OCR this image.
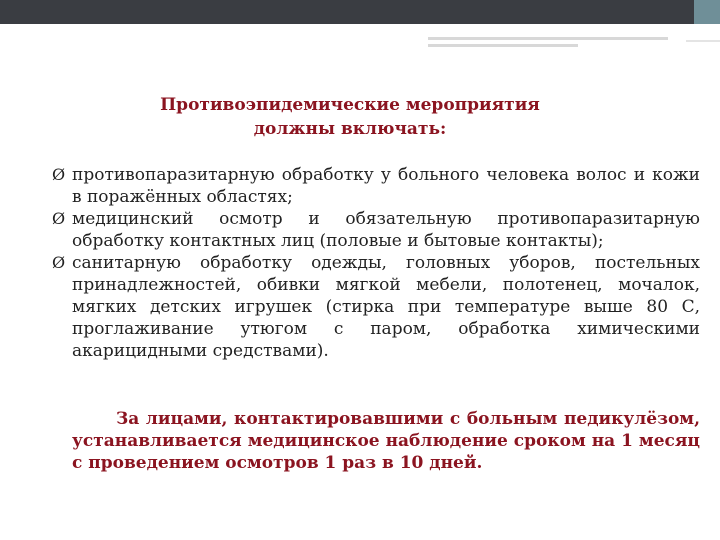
Противоэпидемические мероприятия
должны включать:
Ø противопаразитарную обработку у больного человека волос и кожи в поражённых областях;
Ø медицинский осмотр и обязательную противопаразитарную обработку контактных лиц (половые и бытовые контакты);
Ø санитарную обработку одежды, головных уборов, постельных принадлежностей, обивки мягкой мебели, полотенец, мочалок, мягких детских игрушек (стирка при температуре выше 80 С, проглаживание утюгом с паром, обработка химическими акарицидными средствами).

За лицами, контактировавшими с больным педикулёзом, устанавливается медицинское наблюдение сроком на 1 месяц с проведением осмотров 1 раз в 10 дней.
